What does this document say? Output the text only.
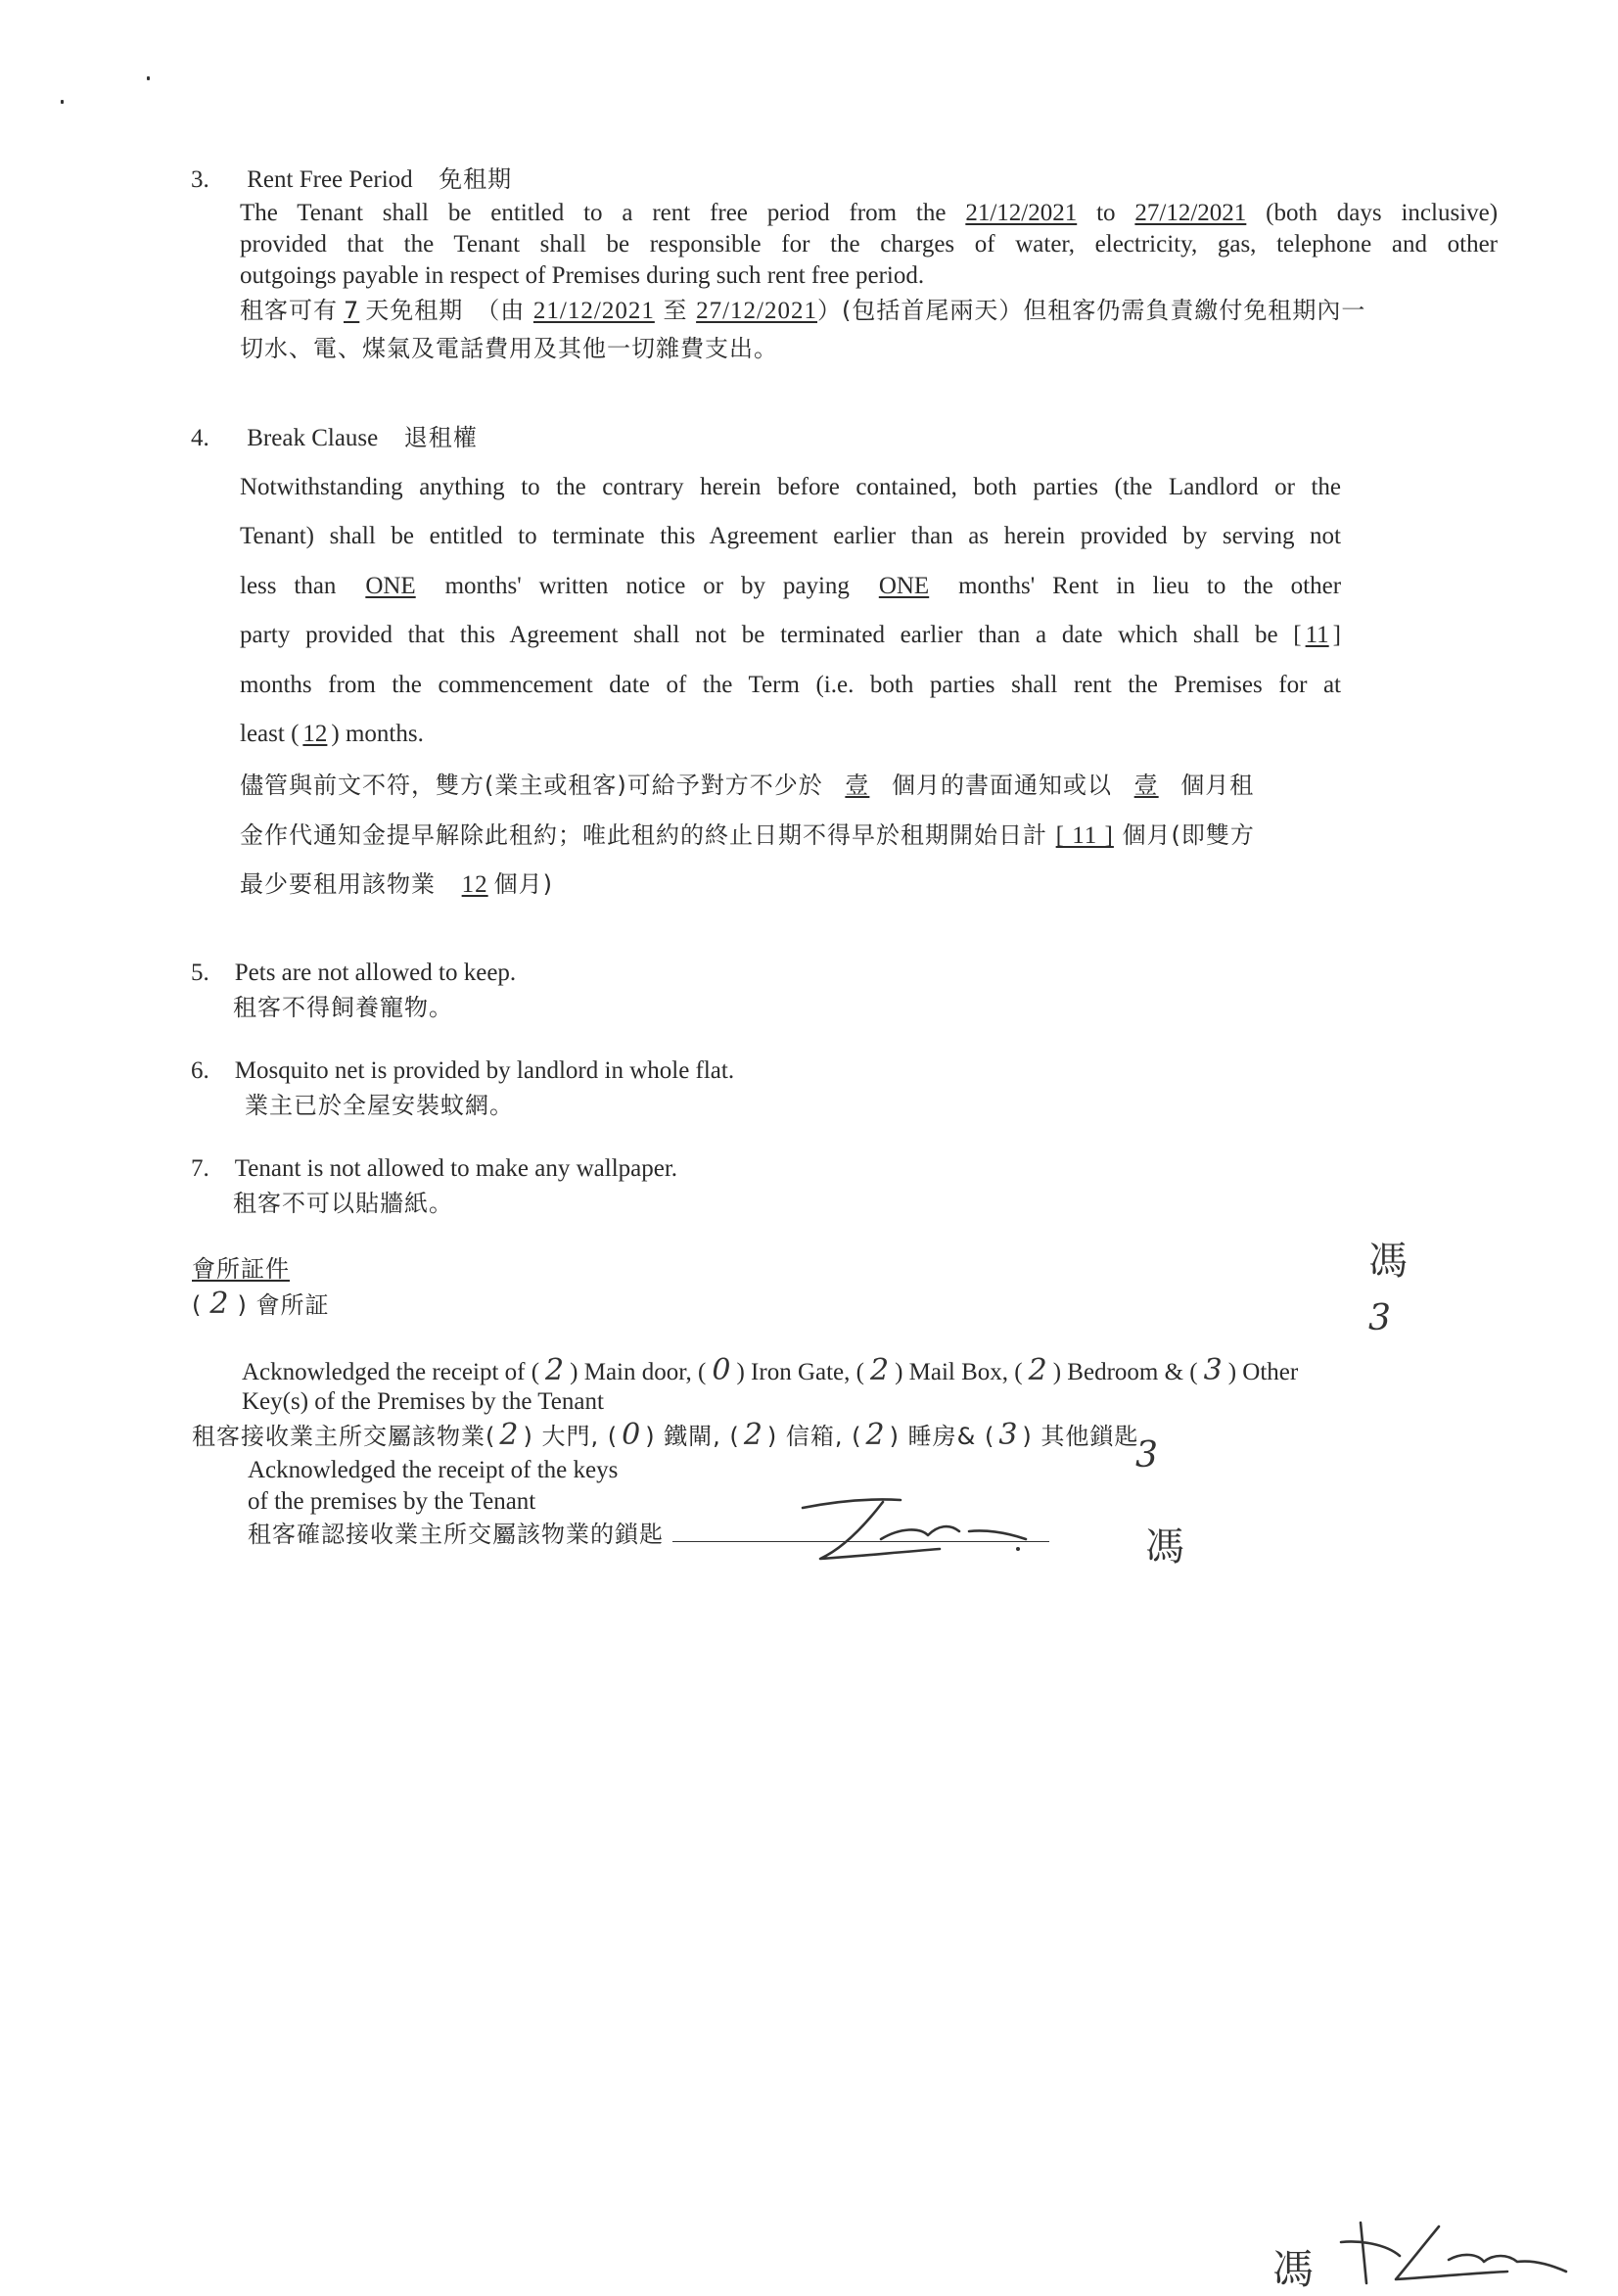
3. Rent Free Period 免租期
The Tenant shall be entitled to a rent free period from the 21/12/2021 to 27/12/2021 (both days inclusive)
provided that the Tenant shall be responsible for the charges of water, electricity, gas, telephone and other
outgoings payable in respect of Premises during such rent free period.
租客可有 7 天免租期　（由 21/12/2021 至 27/12/2021）(包括首尾兩天）但租客仍需負責繳付免租期內一
切水、電、煤氣及電話費用及其他一切雜費支出。
4. Break Clause 退租權
Notwithstanding anything to the contrary herein before contained, both parties (the Landlord or the
Tenant) shall be entitled to terminate this Agreement earlier than as herein provided by serving not
less than ONE months' written notice or by paying ONE months' Rent in lieu to the other
party provided that this Agreement shall not be terminated earlier than a date which shall be [ 11 ]
months from the commencement date of the Term (i.e. both parties shall rent the Premises for at
least ( 12 ) months.
儘管與前文不符，雙方(業主或租客)可給予對方不少於 壹 個月的書面通知或以 壹 個月租
金作代通知金提早解除此租約；唯此租約的終止日期不得早於租期開始日計 [ 11 ] 個月(即雙方
最少要租用該物業 12 個月)
5. Pets are not allowed to keep.
租客不得飼養寵物。
6. Mosquito net is provided by landlord in whole flat.
業主已於全屋安裝蚊網。
7. Tenant is not allowed to make any wallpaper.
租客不可以貼牆紙。
會所証件
( 2 ) 會所証
Acknowledged the receipt of ( 2 ) Main door, ( 0 ) Iron Gate, ( 2 ) Mail Box, ( 2 ) Bedroom & ( 3 ) Other
Key(s) of the Premises by the Tenant
租客接收業主所交屬該物業( 2 ) 大門, ( 0 ) 鐵閘, ( 2 ) 信箱, ( 2 ) 睡房& ( 3 ) 其他鎖匙
Acknowledged the receipt of the keys
of the premises by the Tenant
租客確認接收業主所交屬該物業的鎖匙
馮
3
3
馮
馮
